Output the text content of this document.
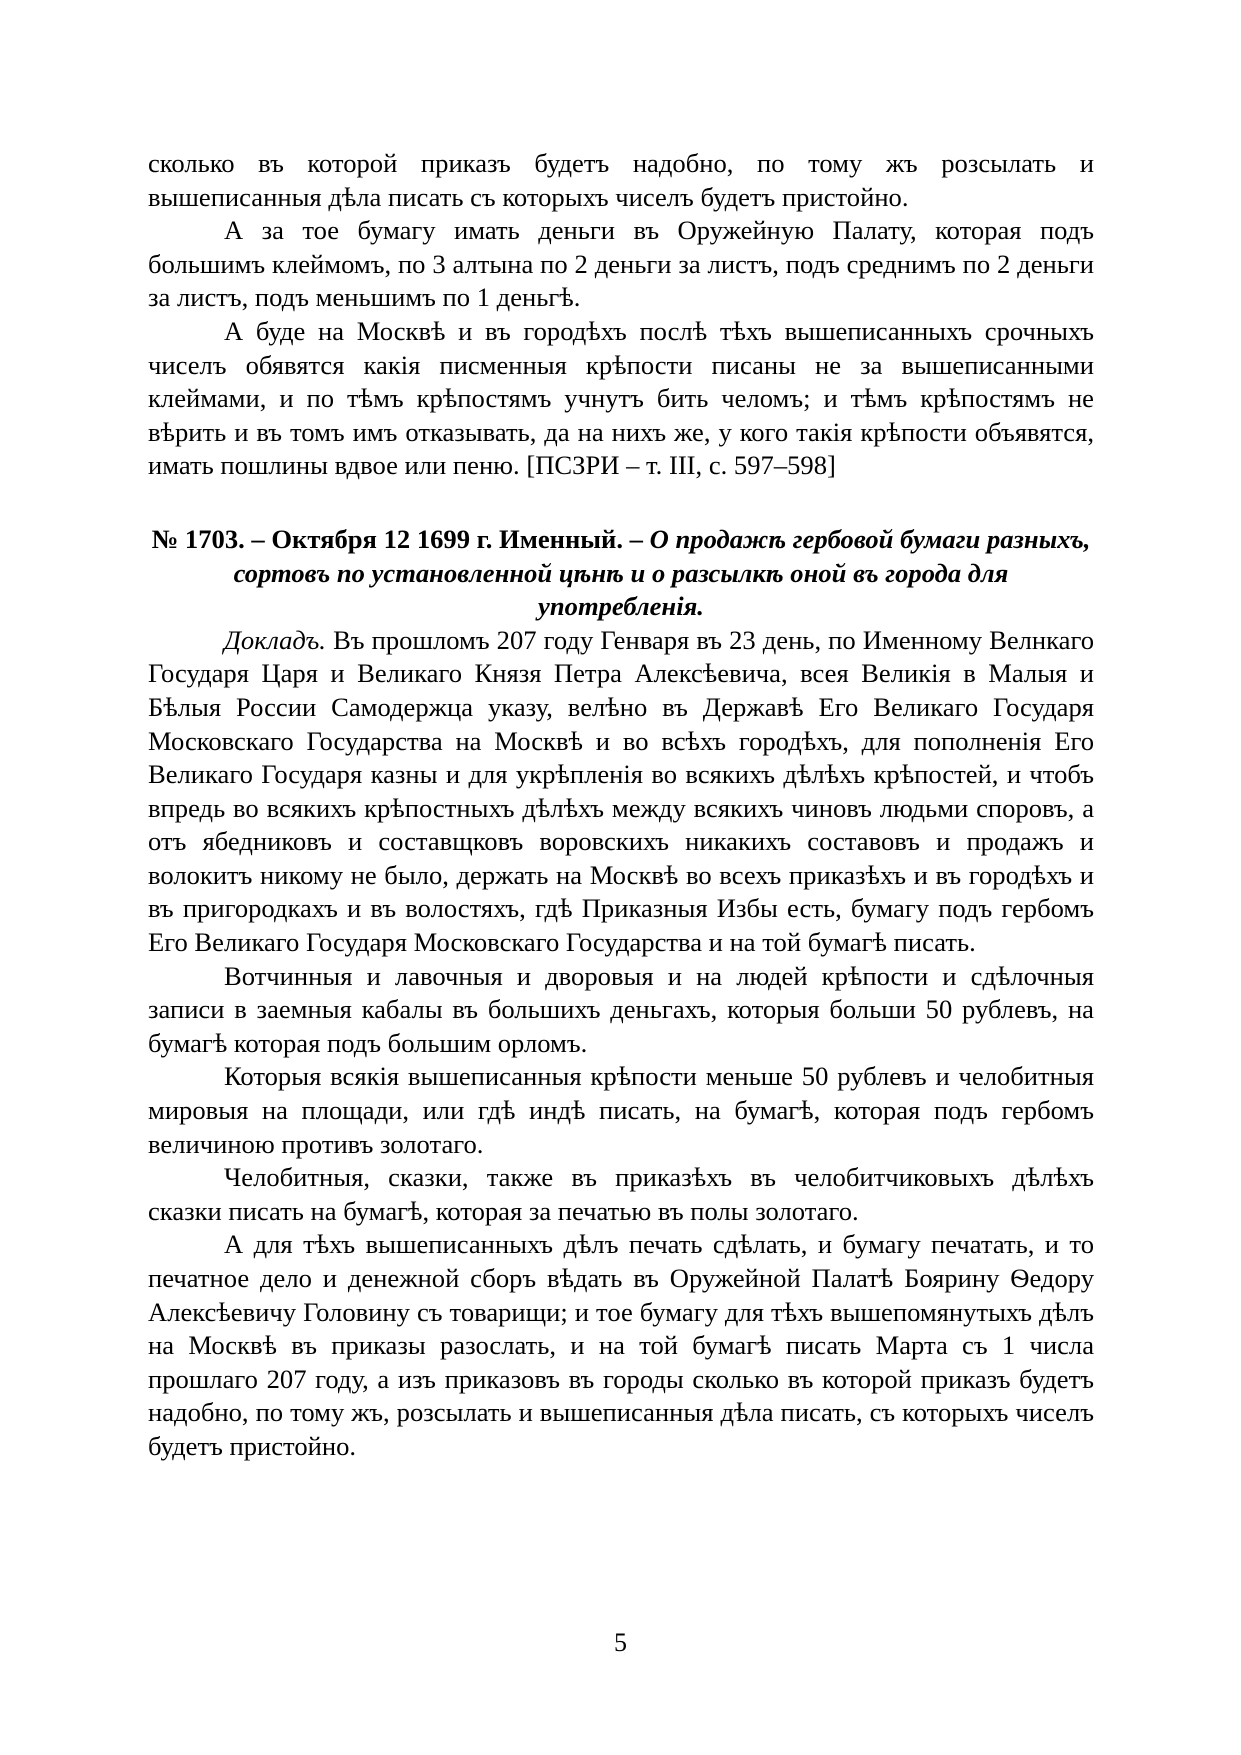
сколько въ которой приказъ будетъ надобно, по тому жъ розсылать и вышеписанныя дѣла писать съ которыхъ чиселъ будетъ пристойно.

А за тое бумагу имать деньги въ Оружейную Палату, которая подъ большимъ клеймомъ, по 3 алтына по 2 деньги за листъ, подъ среднимъ по 2 деньги за листъ, подъ меньшимъ по 1 деньгѣ.

А буде на Москвѣ и въ городѣхъ послѣ тѣхъ вышеписанныхъ срочныхъ чиселъ обявятся какія писменныя крѣпости писаны не за вышеписанными клеймами, и по тѣмъ крѣпостямъ учнутъ бить челомъ; и тѣмъ крѣпостямъ не вѣрить и въ томъ имъ отказывать, да на нихъ же, у кого такія крѣпости объявятся, имать пошлины вдвое или пеню. [ПСЗРИ – т. III, с. 597–598]

№ 1703. – Октября 12 1699 г. Именный. – О продажѣ гербовой бумаги разныхъ, сортовъ по установленной цѣнѣ и о разсылкѣ оной въ города для употребленія.

Докладъ. Въ прошломъ 207 году Генваря въ 23 день, по Именному Велнкаго Государя Царя и Великаго Князя Петра Алексѣевича, всея Великія в Малыя и Бѣлыя России Самодержца указу, велѣно въ Державѣ Его Великаго Государя Московскаго Государства на Москвѣ и во всѣхъ городѣхъ, для пополненія Его Великаго Государя казны и для укрѣпленія во всякихъ дѣлѣхъ крѣпостей, и чтобъ впредь во всякихъ крѣпостныхъ дѣлѣхъ между всякихъ чиновъ людьми споровъ, а отъ ябедниковъ и составщковъ воровскихъ никакихъ составовъ и продажъ и волокитъ никому не было, держать на Москвѣ во всехъ приказѣхъ и въ городѣхъ и въ пригородкахъ и въ волостяхъ, гдѣ Приказныя Избы есть, бумагу подъ гербомъ Его Великаго Государя Московскаго Государства и на той бумагѣ писать.

Вотчинныя и лавочныя и дворовыя и на людей крѣпости и сдѣлочныя записи в заемныя кабалы въ большихъ деньгахъ, которыя больши 50 рублевъ, на бумагѣ которая подъ большим орломъ.

Которыя всякія вышеписанныя крѣпости меньше 50 рублевъ и челобитныя мировыя на площади, или гдѣ индѣ писать, на бумагѣ, которая подъ гербомъ величиною противъ золотаго.

Челобитныя, сказки, также въ приказѣхъ въ челобитчиковыхъ дѣлѣхъ сказки писать на бумагѣ, которая за печатью въ полы золотаго.

А для тѣхъ вышеписанныхъ дѣлъ печать сдѣлать, и бумагу печатать, и то печатное дело и денежной сборъ вѣдать въ Оружейной Палатѣ Боярину Ѳедору Алексѣевичу Головину съ товарищи; и тое бумагу для тѣхъ вышепомянутыхъ дѣлъ на Москвѣ въ приказы разослать, и на той бумагѣ писать Марта съ 1 числа прошлаго 207 году, а изъ приказовъ въ городы сколько въ которой приказъ будетъ надобно, по тому жъ, розсылать и вышеписанныя дѣла писать, съ которыхъ чиселъ будетъ пристойно.

5
